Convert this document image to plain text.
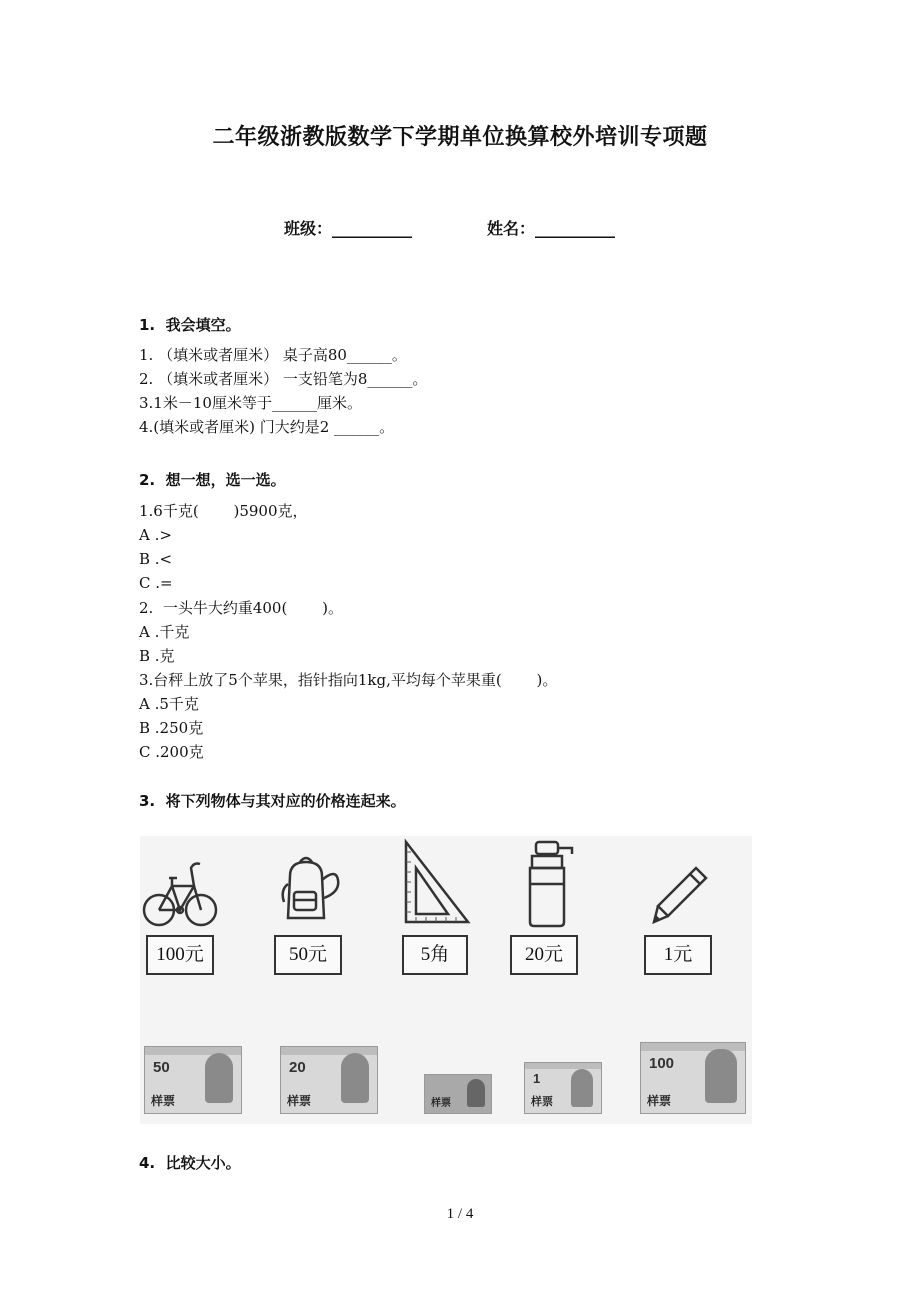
二年级浙教版数学下学期单位换算校外培训专项题
班级：__________	姓名：__________
1.  我会填空。
1. （填米或者厘米） 桌子高80______。
2. （填米或者厘米） 一支铅笔为8______。
3.1米－10厘米等于______厘米。
4.(填米或者厘米) 门大约是2 ______。
2.  想一想，选一选。
1.6千克(　　 )5900克，
A .>
B .<
C .=
2.  一头牛大约重400(　　 )。
A .千克
B .克
3.台秤上放了5个苹果，指针指向1kg,平均每个苹果重(　　 )。
A .5千克
B .250克
C .200克
3.  将下列物体与其对应的价格连起来。
100元	50元	5角	20元	1元
50
样票
20
样票	样票
1
样票
100
样票
4.  比较大小。
1 / 4
